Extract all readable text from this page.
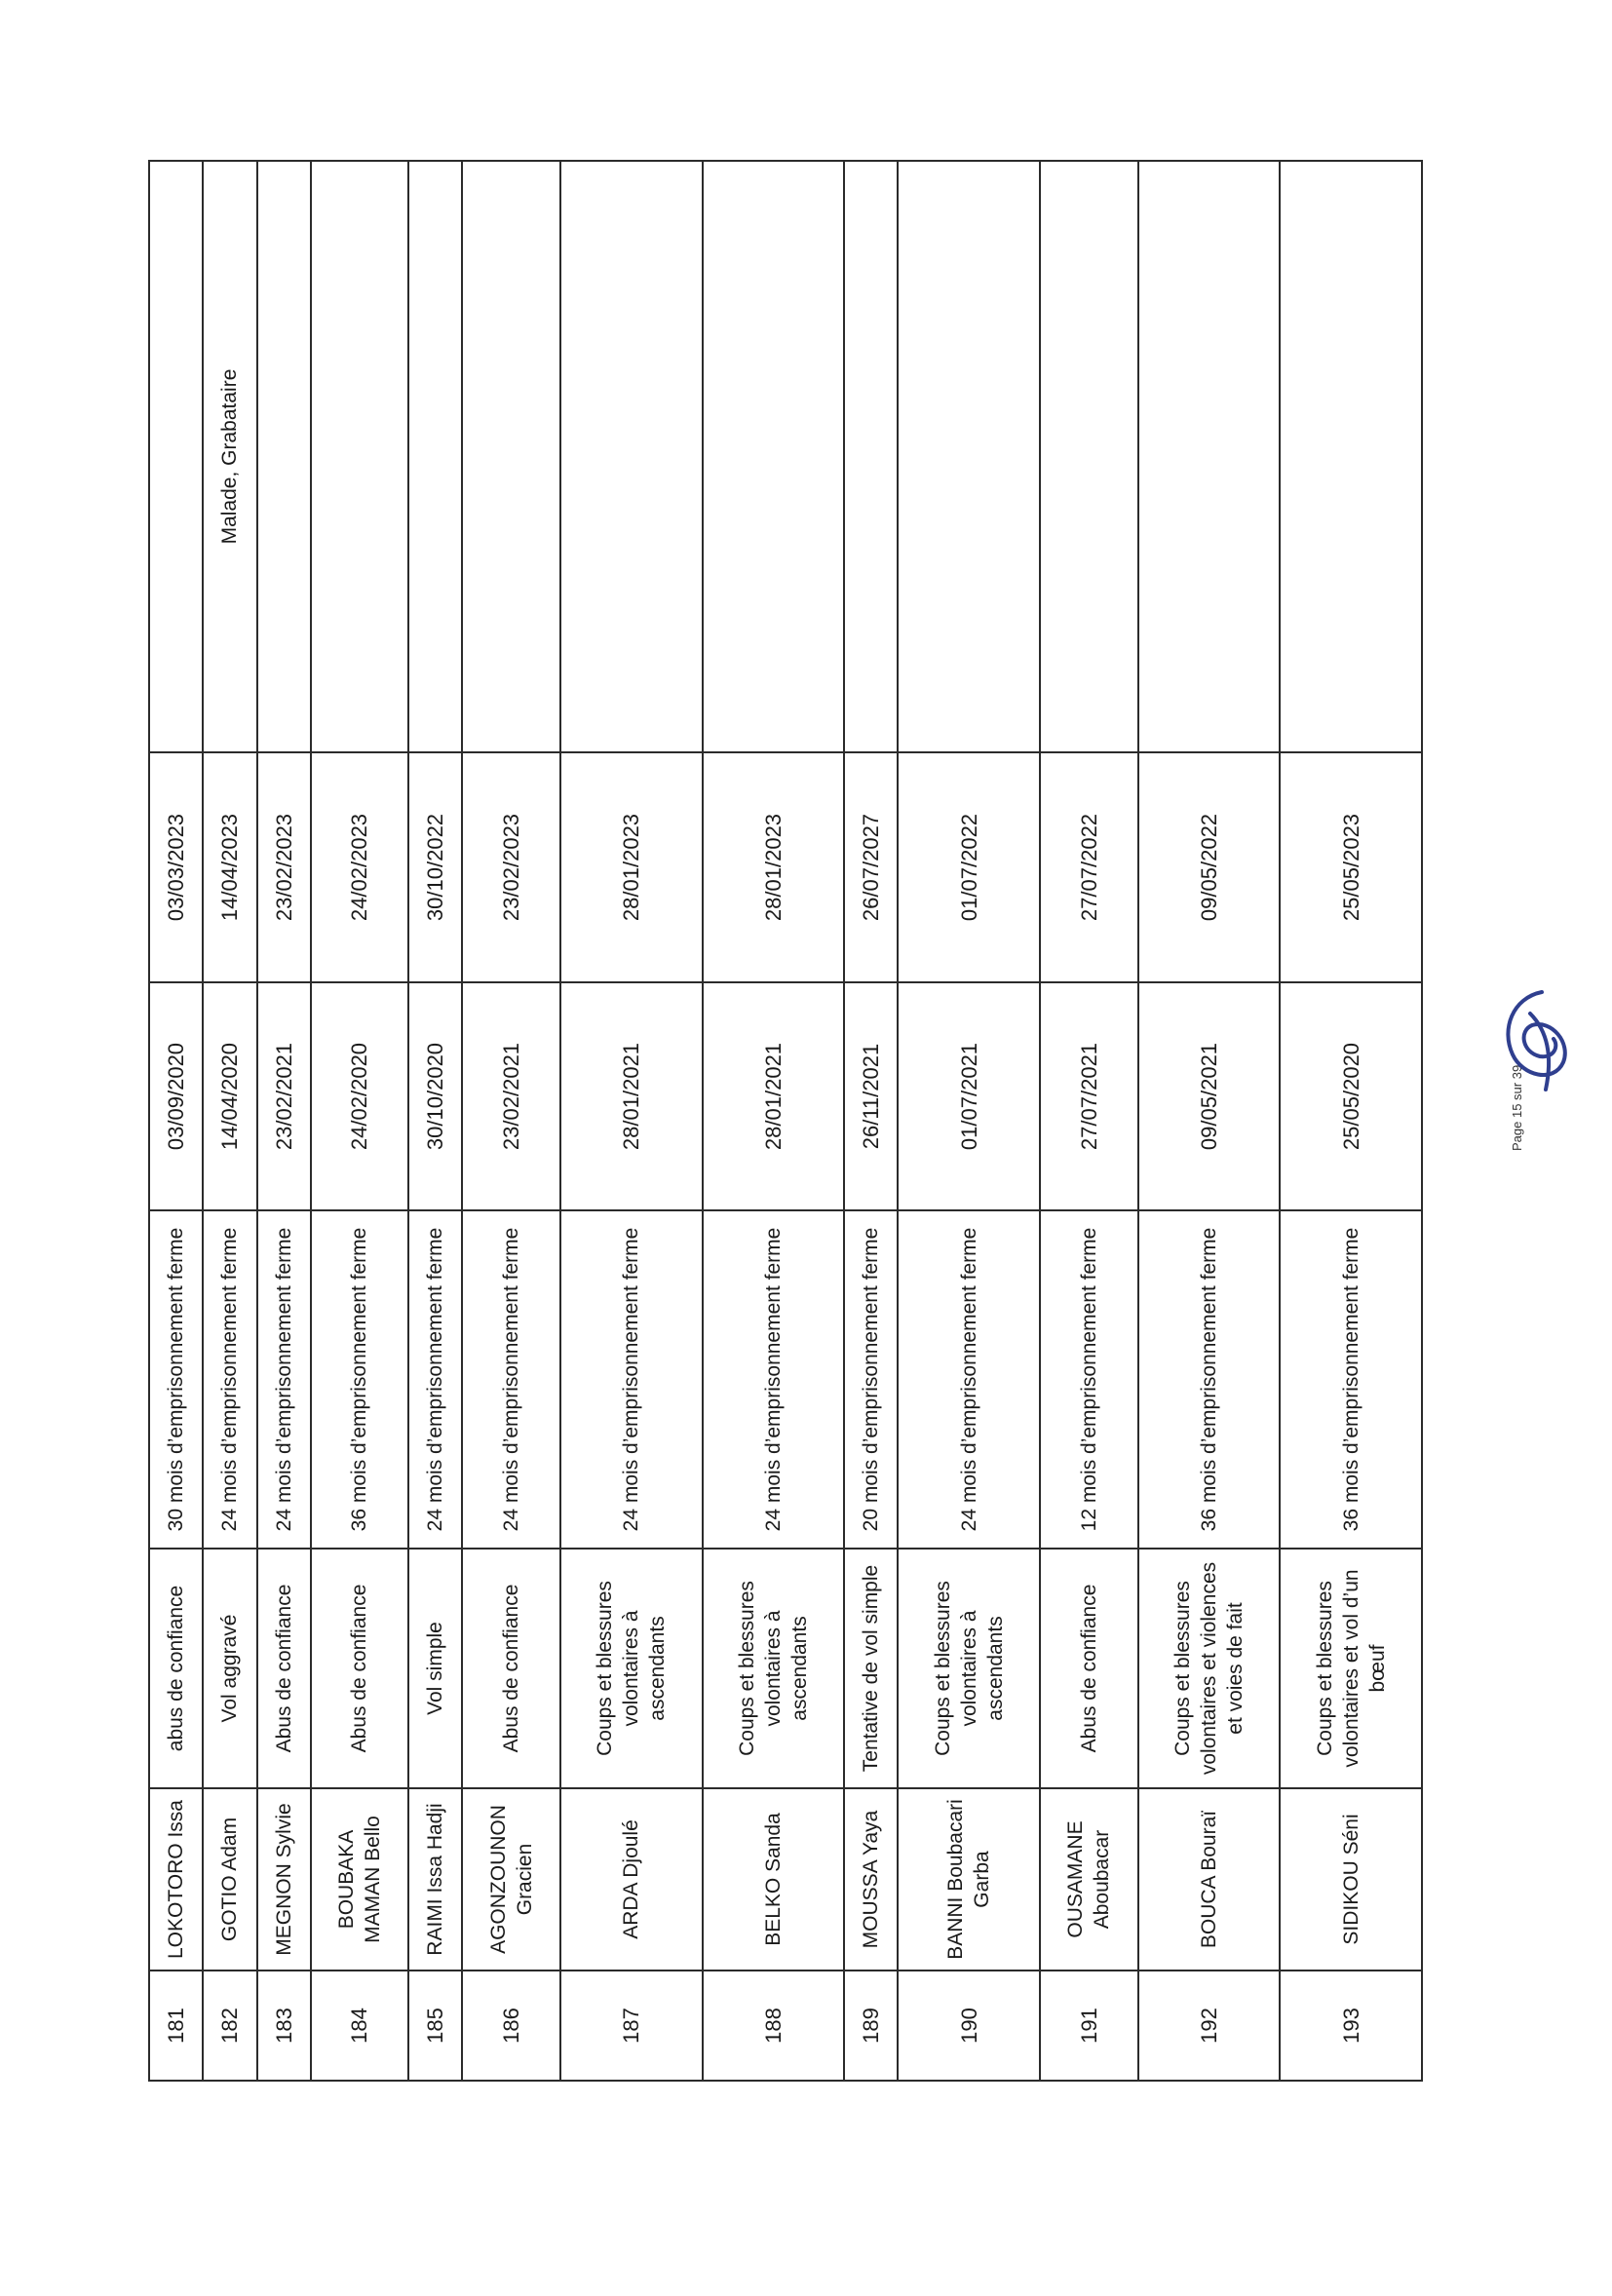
181	LOKOTORO Issa	abus de confiance	30 mois d’emprisonnement ferme	03/09/2020	03/03/2023	
182	GOTIO Adam	Vol aggravé	24 mois d’emprisonnement ferme	14/04/2020	14/04/2023	Malade, Grabataire
183	MEGNON Sylvie	Abus de confiance	24 mois d’emprisonnement ferme	23/02/2021	23/02/2023	
184	BOUBAKA MAMAN Bello	Abus de confiance	36 mois d’emprisonnement ferme	24/02/2020	24/02/2023	
185	RAIMI Issa Hadji	Vol simple	24 mois d’emprisonnement ferme	30/10/2020	30/10/2022	
186	AGONZOUNON Gracien	Abus de confiance	24 mois d’emprisonnement ferme	23/02/2021	23/02/2023	
187	ARDA Djoulé	Coups et blessures volontaires à ascendants	24 mois d’emprisonnement ferme	28/01/2021	28/01/2023	
188	BELKO Sanda	Coups et blessures volontaires à ascendants	24 mois d’emprisonnement ferme	28/01/2021	28/01/2023	
189	MOUSSA Yaya	Tentative de vol simple	20 mois d’emprisonnement ferme	26/11/2021	26/07/2027	
190	BANNI Boubacari Garba	Coups et blessures volontaires à ascendants	24 mois d’emprisonnement ferme	01/07/2021	01/07/2022	
191	OUSAMANE Aboubacar	Abus de confiance	12 mois d’emprisonnement ferme	27/07/2021	27/07/2022	
192	BOUCA Bouraï	Coups et blessures volontaires et violences et voies de fait	36 mois d’emprisonnement ferme	09/05/2021	09/05/2022	
193	SIDIKOU Séni	Coups et blessures volontaires et vol d’un bœuf	36 mois d’emprisonnement ferme	25/05/2020	25/05/2023	
Page 15 sur 39
